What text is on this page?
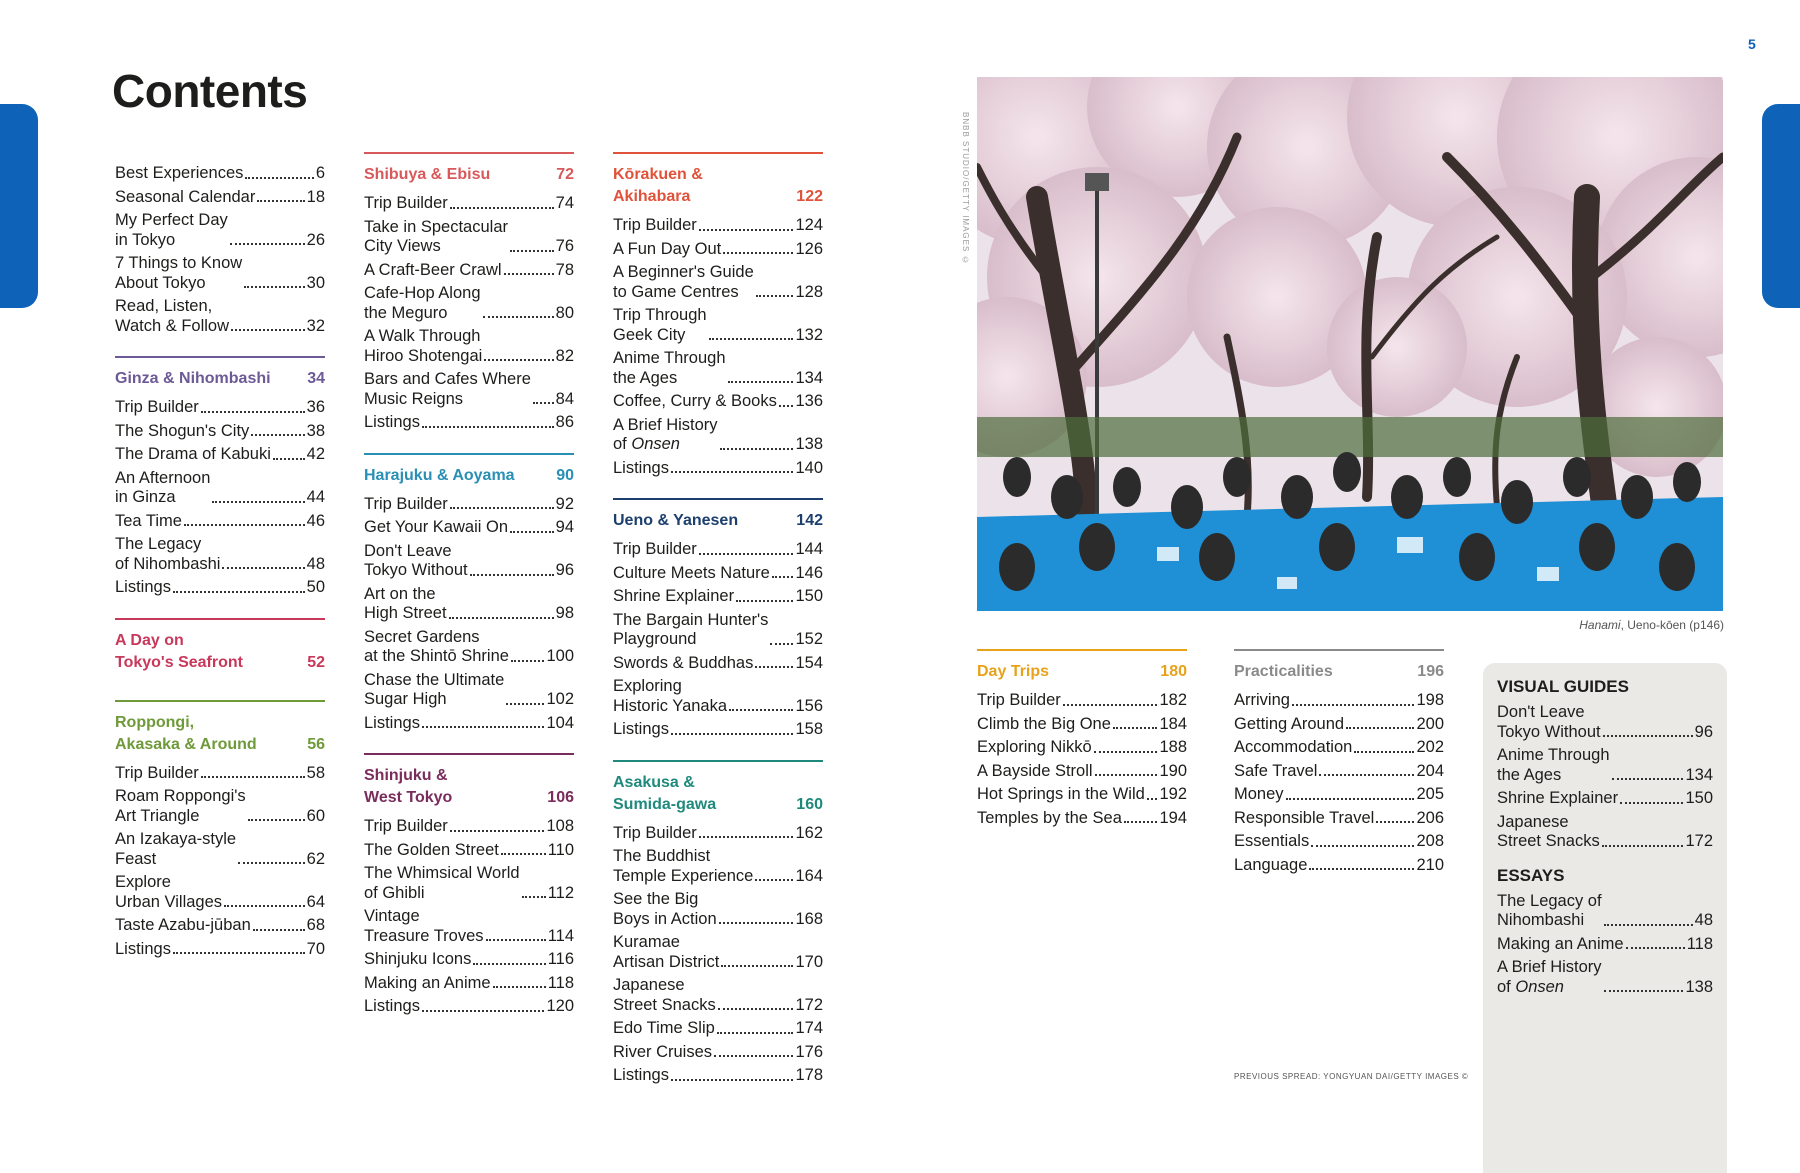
5
Contents
Best Experiences	6
Seasonal Calendar	18
My Perfect Day
in Tokyo	26
7 Things to Know
About Tokyo	30
Read, Listen,
Watch & Follow	32
Ginza & Nihombashi 34
Trip Builder	36
The Shogun's City	38
The Drama of Kabuki 42
An Afternoon
in Ginza	44
Tea Time	46
The Legacy
of Nihombashi	48
Listings	50
A Day on
Tokyo's Seafront	52
Roppongi,
Akasaka & Around	56
Trip Builder	58
Roam Roppongi's
Art Triangle	60
An Izakaya-style
Feast	62
Explore
Urban Villages	64
Taste Azabu-jūban	68
Listings	70
Shibuya & Ebisu	72
Trip Builder	74
Take in Spectacular
City Views	76
A Craft-Beer Crawl	78
Cafe-Hop Along
the Meguro	80
A Walk Through
Hiroo Shotengai	82
Bars and Cafes Where
Music Reigns	84
Listings	86
Harajuku & Aoyama	90
Trip Builder	92
Get Your Kawaii On	94
Don't Leave
Tokyo Without	96
Art on the
High Street	98
Secret Gardens
at the Shintō Shrine 100
Chase the Ultimate
Sugar High	102
Listings	104
Shinjuku &
West Tokyo	106
Trip Builder	108
The Golden Street	110
The Whimsical World
of Ghibli	112
Vintage
Treasure Troves	114
Shinjuku Icons	116
Making an Anime	118
Listings	120
Kōrakuen &
Akihabara	122
Trip Builder	124
A Fun Day Out	126
A Beginner's Guide
to Game Centres	128
Trip Through
Geek City	132
Anime Through
the Ages	134
Coffee, Curry & Books 136
A Brief History
of Onsen	138
Listings	140
Ueno & Yanesen	142
Trip Builder	144
Culture Meets Nature 146
Shrine Explainer	150
The Bargain Hunter's
Playground	152
Swords & Buddhas	154
Exploring
Historic Yanaka	156
Listings	158
Asakusa &
Sumida-gawa	160
Trip Builder	162
The Buddhist
Temple Experience	164
See the Big
Boys in Action	168
Kuramae
Artisan District	170
Japanese
Street Snacks	172
Edo Time Slip	174
River Cruises	176
Listings	178
Day Trips	180
Trip Builder	182
Climb the Big One	184
Exploring Nikkō	188
A Bayside Stroll	190
Hot Springs in the Wild 192
Temples by the Sea 194
Practicalities	196
Arriving	198
Getting Around	200
Accommodation	202
Safe Travel	204
Money	205
Responsible Travel	206
Essentials	208
Language	210
BNBB STUDIO/GETTY IMAGES ©
Hanami, Ueno-kōen (p146)
VISUAL GUIDES
Don't Leave
Tokyo Without	96
Anime Through
the Ages	134
Shrine Explainer	150
Japanese
Street Snacks	172
ESSAYS
The Legacy of
Nihombashi	48
Making an Anime	118
A Brief History
of Onsen	138
PREVIOUS SPREAD: YONGYUAN DAI/GETTY IMAGES ©
